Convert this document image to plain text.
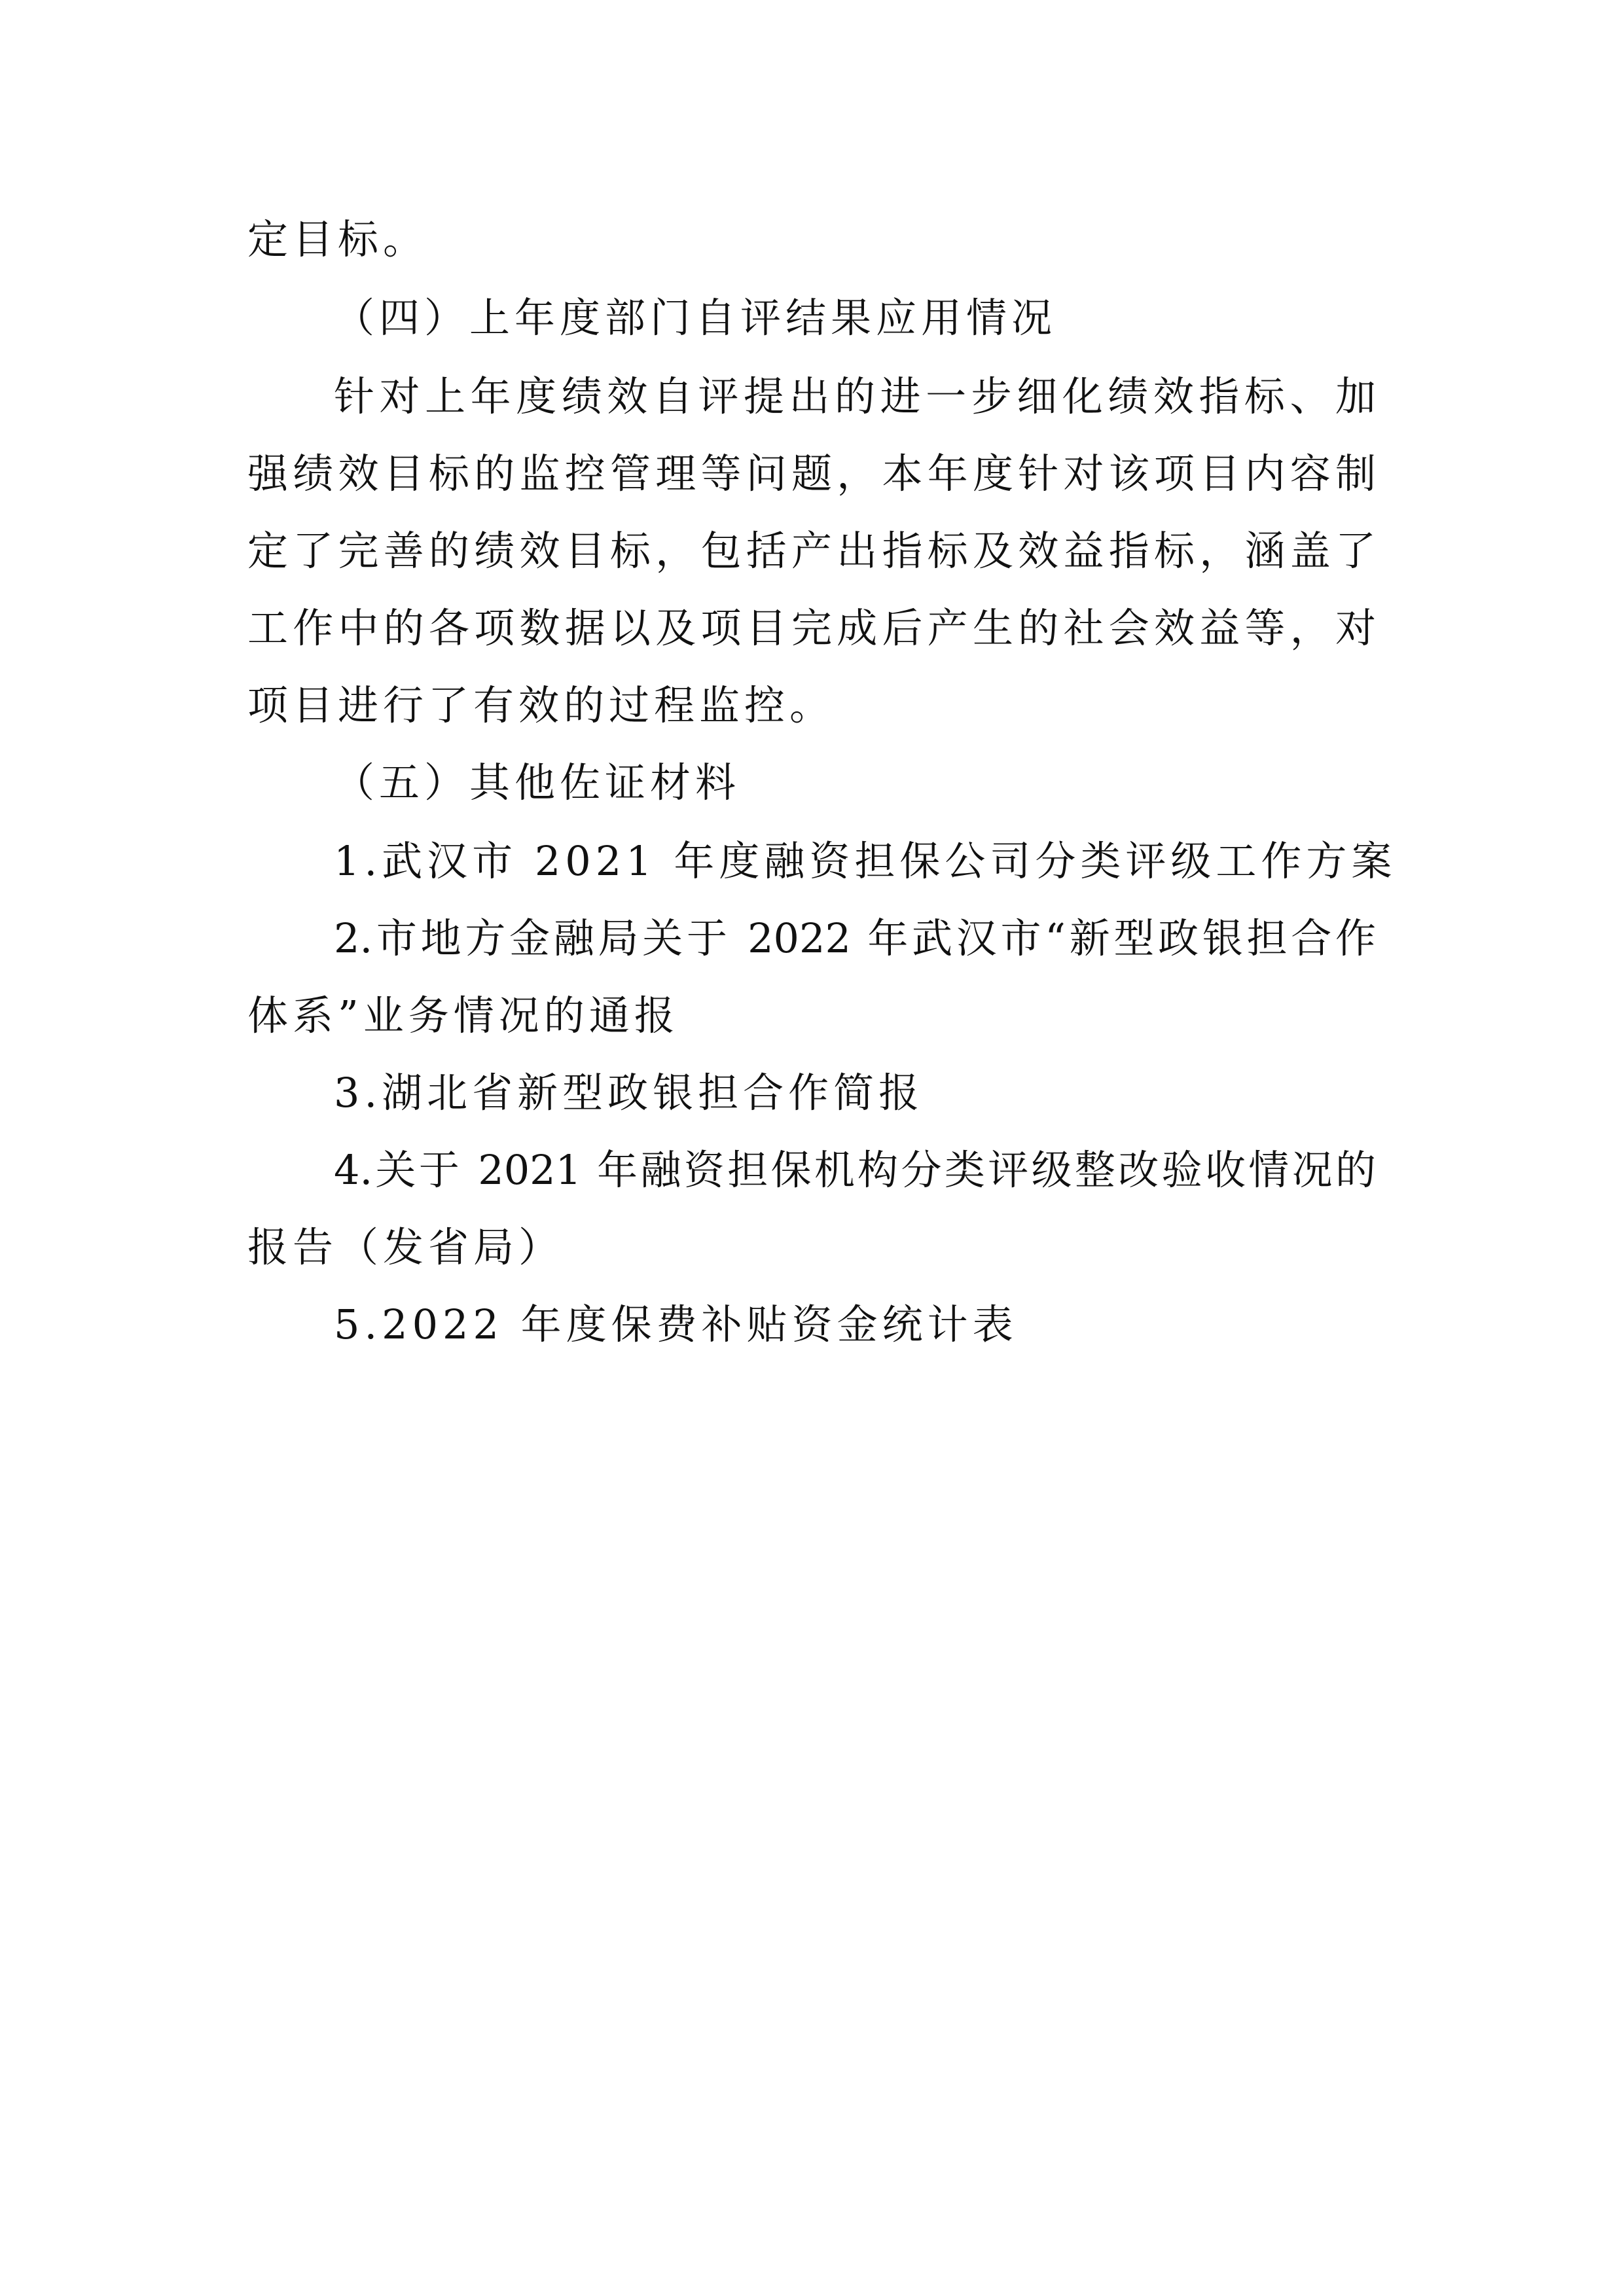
定目标。
（四）上年度部门自评结果应用情况
针对上年度绩效自评提出的进一步细化绩效指标、加
强绩效目标的监控管理等问题，本年度针对该项目内容制
定了完善的绩效目标，包括产出指标及效益指标，涵盖了
工作中的各项数据以及项目完成后产生的社会效益等，对
项目进行了有效的过程监控。
（五）其他佐证材料
1.武汉市 2021 年度融资担保公司分类评级工作方案
2.市地方金融局关于 2022 年武汉市“新型政银担合作
体系”业务情况的通报
3.湖北省新型政银担合作简报
4.关于 2021 年融资担保机构分类评级整改验收情况的
报告（发省局）
5.2022 年度保费补贴资金统计表
